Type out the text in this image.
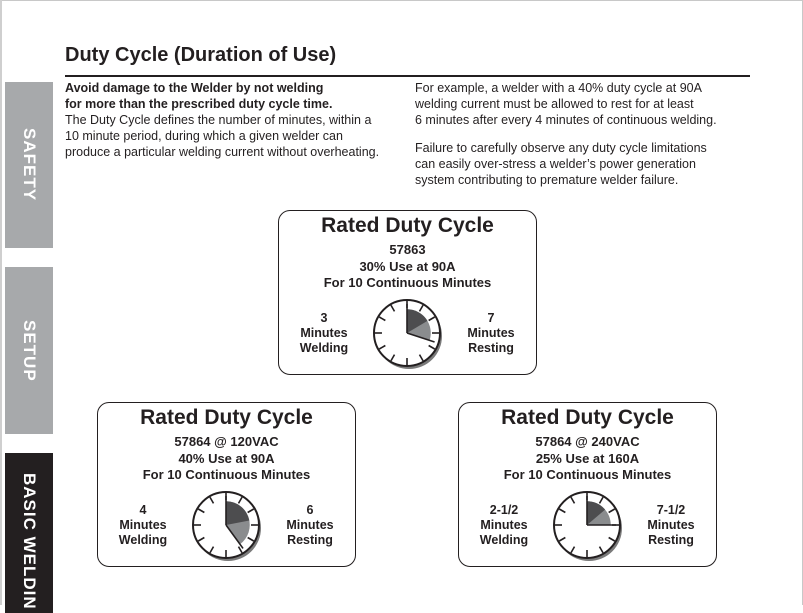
SAFETY
SETUP
BASIC WELDIN
Duty Cycle (Duration of Use)
Avoid damage to the Welder by not welding
for more than the prescribed duty cycle time.
The Duty Cycle defines the number of minutes, within a
10 minute period, during which a given welder can
produce a particular welding current without overheating.

For example, a welder with a 40% duty cycle at 90A
welding current must be allowed to rest for at least
6 minutes after every 4 minutes of continuous welding.

Failure to carefully observe any duty cycle limitations
can easily over-stress a welder’s power generation
system contributing to premature welder failure.

Rated Duty Cycle
57863
30% Use at 90A
For 10 Continuous Minutes
3
Minutes
Welding
7
Minutes
Resting
Rated Duty Cycle
57864 @ 120VAC
40% Use at 90A
For 10 Continuous Minutes
4
Minutes
Welding
6
Minutes
Resting
Rated Duty Cycle
57864 @ 240VAC
25% Use at 160A
For 10 Continuous Minutes
2-1/2
Minutes
Welding
7-1/2
Minutes
Resting
